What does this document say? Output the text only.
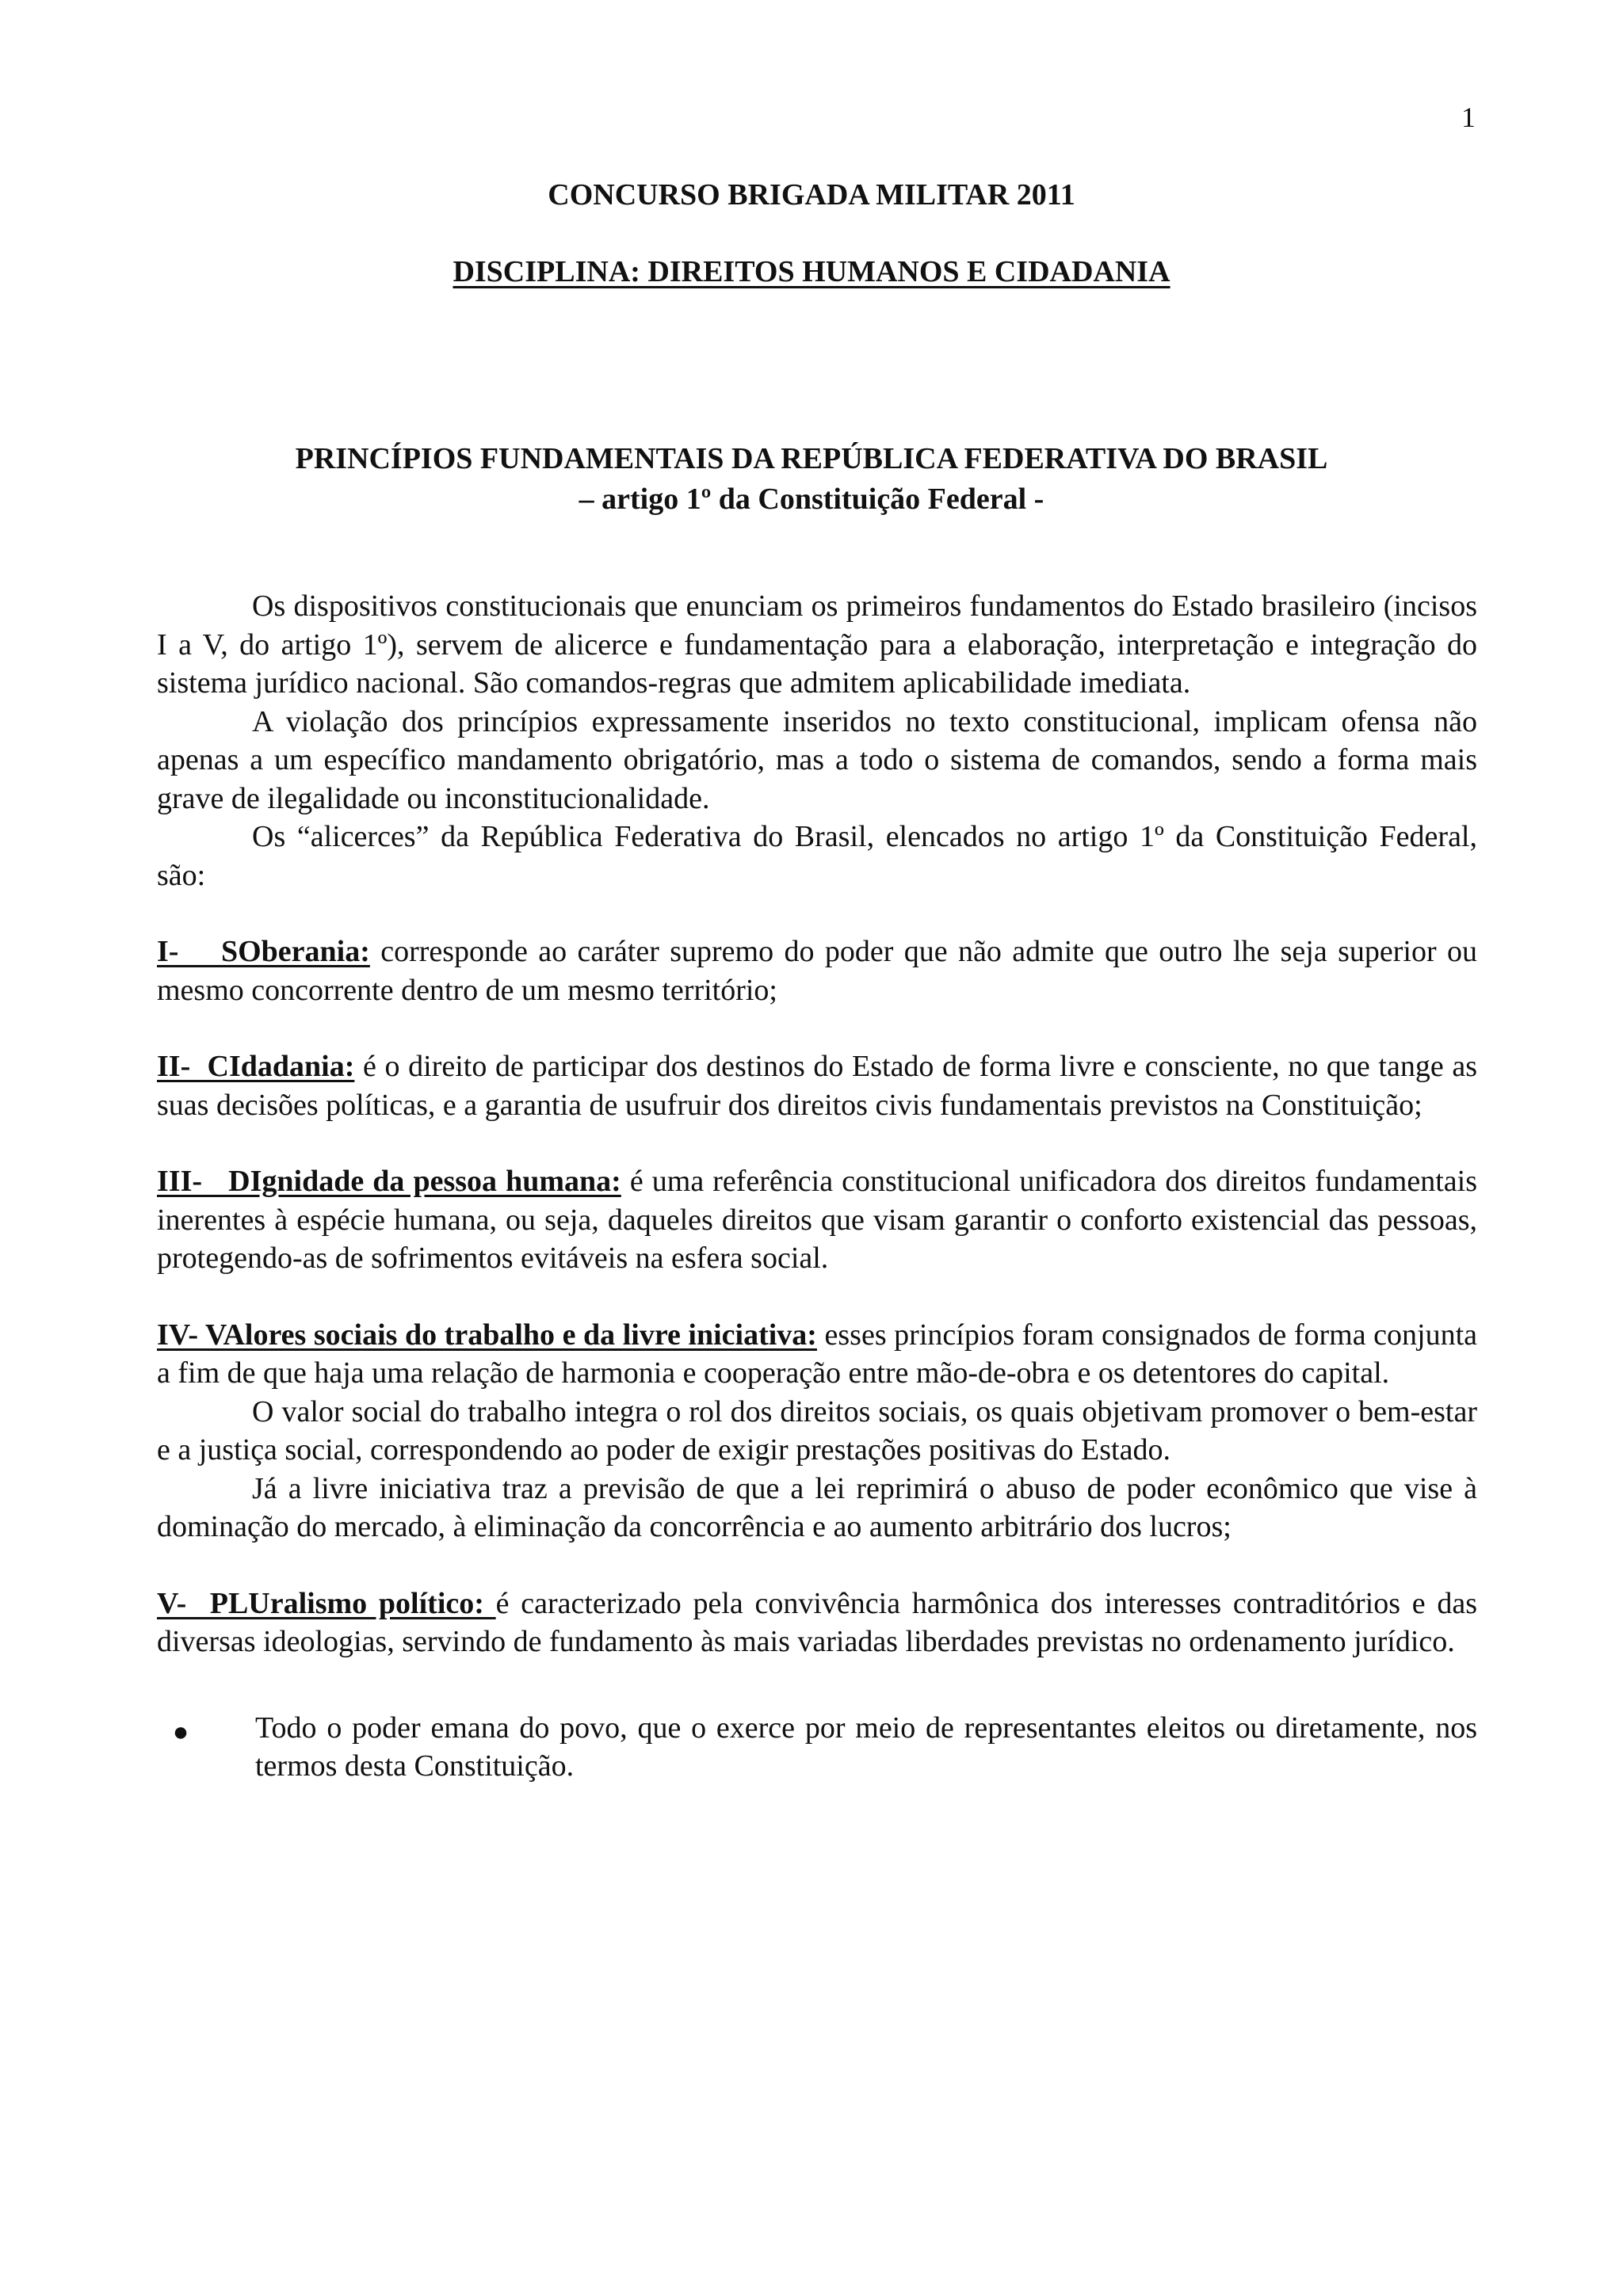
1
CONCURSO BRIGADA MILITAR 2011
DISCIPLINA: DIREITOS HUMANOS E CIDADANIA
PRINCÍPIOS FUNDAMENTAIS DA REPÚBLICA FEDERATIVA DO BRASIL
– artigo 1º da Constituição Federal -

Os dispositivos constitucionais que enunciam os primeiros fundamentos do Estado brasileiro (incisos I a V, do artigo 1º), servem de alicerce e fundamentação para a elaboração, interpretação e integração do sistema jurídico nacional. São comandos-regras que admitem aplicabilidade imediata.

A violação dos princípios expressamente inseridos no texto constitucional, implicam ofensa não apenas a um específico mandamento obrigatório, mas a todo o sistema de comandos, sendo a forma mais grave de ilegalidade ou inconstitucionalidade.

Os “alicerces” da República Federativa do Brasil, elencados no artigo 1º da Constituição Federal, são:

I-    SOberania: corresponde ao caráter supremo do poder que não admite que outro lhe seja superior ou mesmo concorrente dentro de um mesmo território;

II-  CIdadania: é o direito de participar dos destinos do Estado de forma livre e consciente, no que tange as suas decisões políticas, e a garantia de usufruir dos direitos civis fundamentais previstos na Constituição;

III-   DIgnidade da pessoa humana: é uma referência constitucional unificadora dos direitos fundamentais inerentes à espécie humana, ou seja, daqueles direitos que visam garantir o conforto existencial das pessoas, protegendo-as de sofrimentos evitáveis na esfera social.

IV- VAlores sociais do trabalho e da livre iniciativa: esses princípios foram consignados de forma conjunta a fim de que haja uma relação de harmonia e cooperação entre mão-de-obra e os detentores do capital.

O valor social do trabalho integra o rol dos direitos sociais, os quais objetivam promover o bem-estar e a justiça social, correspondendo ao poder de exigir prestações positivas do Estado.

Já a livre iniciativa traz a previsão de que a lei reprimirá o abuso de poder econômico que vise à dominação do mercado, à eliminação da concorrência e ao aumento arbitrário dos lucros;

V-  PLUralismo político: é caracterizado pela convivência harmônica dos interesses contraditórios e das diversas ideologias, servindo de fundamento às mais variadas liberdades previstas no ordenamento jurídico.

●	Todo o poder emana do povo, que o exerce por meio de representantes eleitos ou diretamente, nos termos desta Constituição.
